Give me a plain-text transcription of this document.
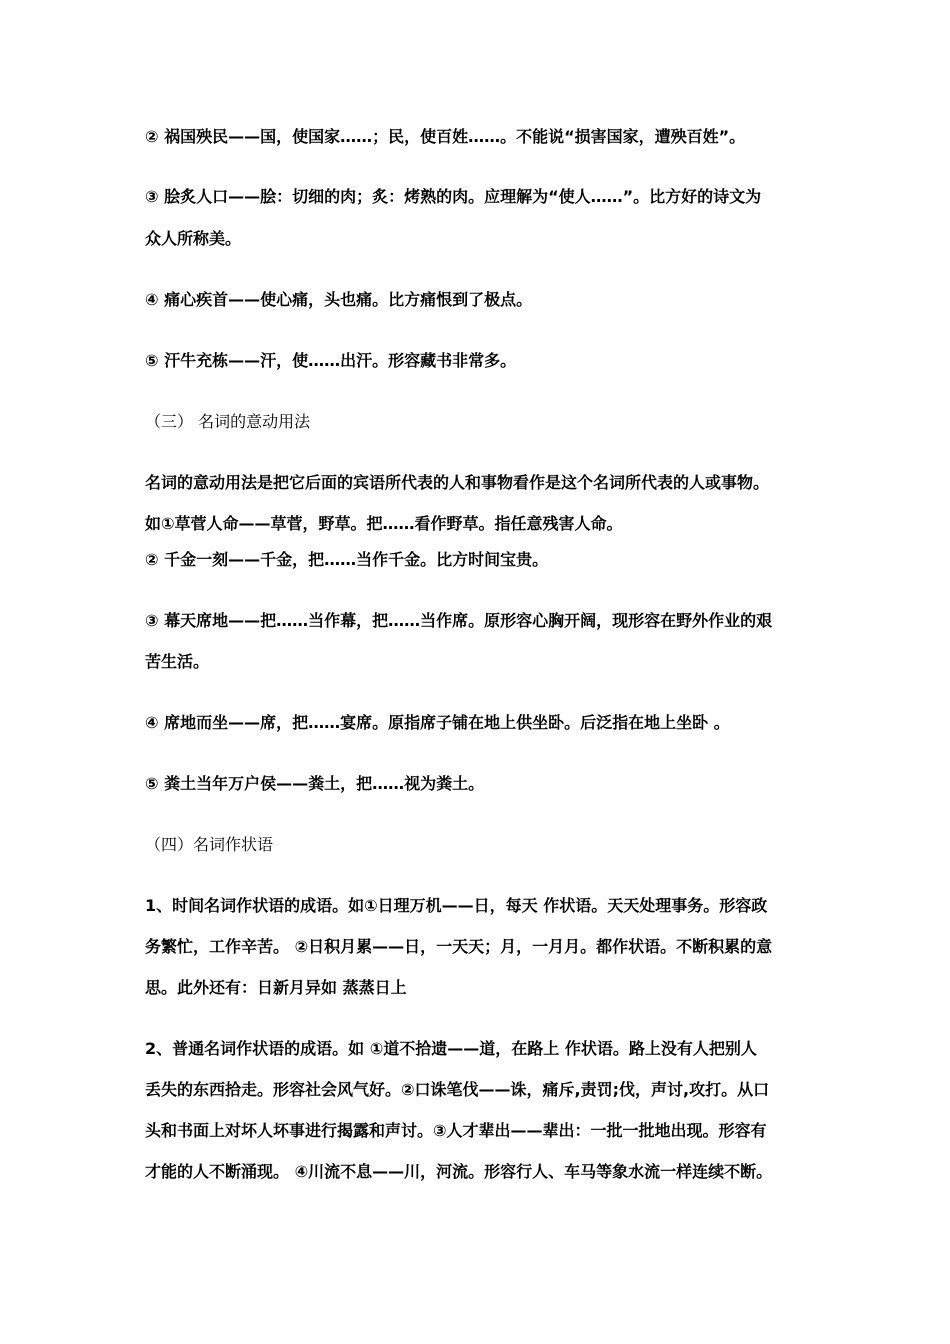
② 祸国殃民——国，使国家……；民，使百姓……。不能说“损害国家，遭殃百姓”。
③ 脍炙人口——脍：切细的肉；炙：烤熟的肉。应理解为“使人……”。比方好的诗文为
众人所称美。
④ 痛心疾首——使心痛，头也痛。比方痛恨到了极点。
⑤ 汗牛充栋——汗，使……出汗。形容藏书非常多。
（三） 名词的意动用法
名词的意动用法是把它后面的宾语所代表的人和事物看作是这个名词所代表的人或事物。
如①草菅人命——草菅，野草。把……看作野草。指任意残害人命。
② 千金一刻——千金，把……当作千金。比方时间宝贵。
③ 幕天席地——把……当作幕，把……当作席。原形容心胸开阔，现形容在野外作业的艰
苦生活。
④ 席地而坐——席，把……宴席。原指席子铺在地上供坐卧。后泛指在地上坐卧 。
⑤ 粪土当年万户侯——粪土，把……视为粪土。
（四）名词作状语
1、时间名词作状语的成语。如①日理万机——日，每天 作状语。天天处理事务。形容政
务繁忙，工作辛苦。 ②日积月累——日，一天天；月，一月月。都作状语。不断积累的意
思。此外还有：日新月异如 蒸蒸日上
2、普通名词作状语的成语。如 ①道不拾遗——道，在路上 作状语。路上没有人把别人
丢失的东西拾走。形容社会风气好。②口诛笔伐——诛，痛斥,责罚;伐，声讨,攻打。从口
头和书面上对坏人坏事进行揭露和声讨。③人才辈出——辈出：一批一批地出现。形容有
才能的人不断涌现。 ④川流不息——川，河流。形容行人、车马等象水流一样连续不断。
